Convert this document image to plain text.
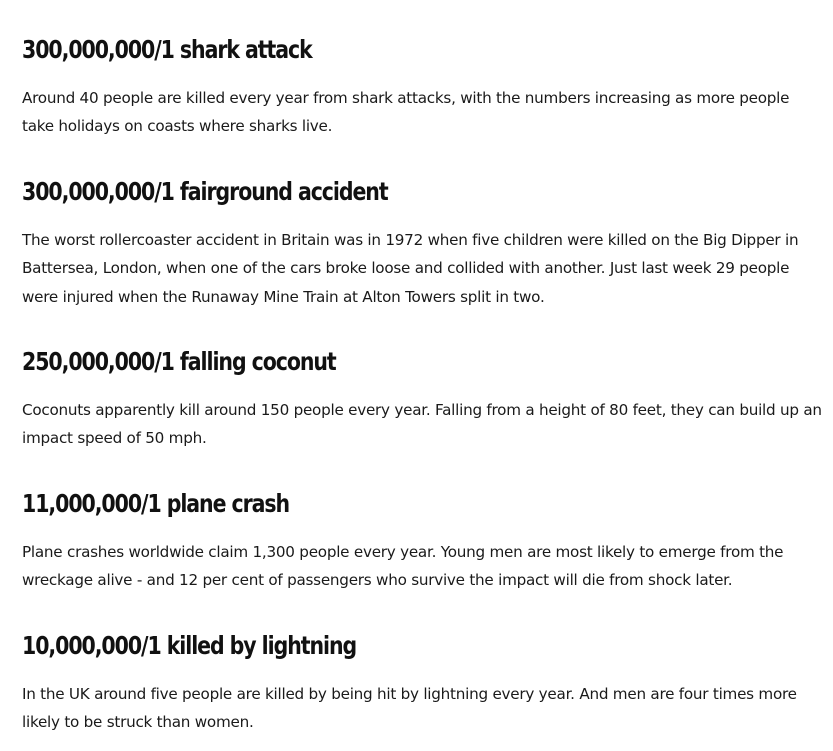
300,000,000/1 shark attack

Around 40 people are killed every year from shark attacks, with the numbers increasing as more people take holidays on coasts where sharks live.

300,000,000/1 fairground accident

The worst rollercoaster accident in Britain was in 1972 when five children were killed on the Big Dipper in Battersea, London, when one of the cars broke loose and collided with another. Just last week 29 people were injured when the Runaway Mine Train at Alton Towers split in two.

250,000,000/1 falling coconut

Coconuts apparently kill around 150 people every year. Falling from a height of 80 feet, they can build up an impact speed of 50 mph.

11,000,000/1 plane crash

Plane crashes worldwide claim 1,300 people every year. Young men are most likely to emerge from the wreckage alive - and 12 per cent of passengers who survive the impact will die from shock later.

10,000,000/1 killed by lightning

In the UK around five people are killed by being hit by lightning every year. And men are four times more likely to be struck than women.
